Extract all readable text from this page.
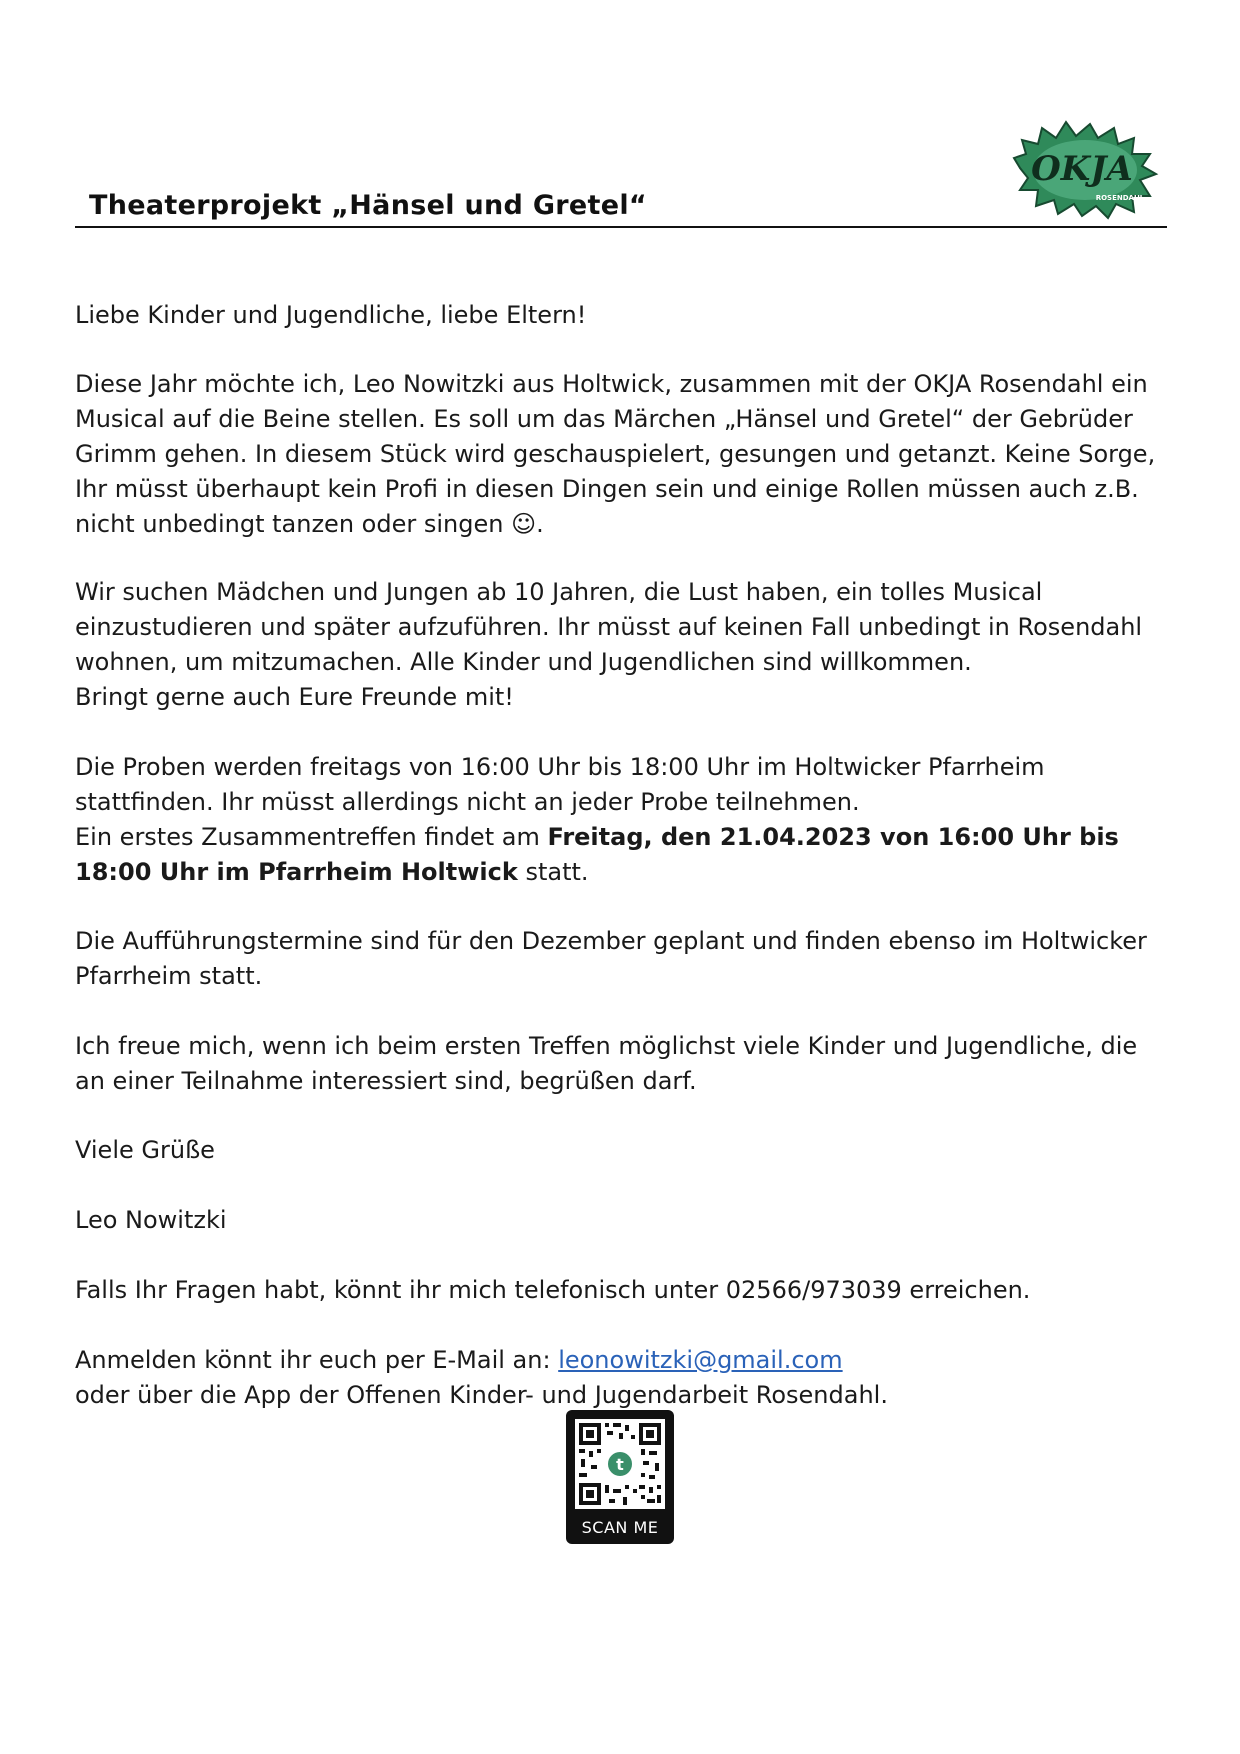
OKJA
ROSENDAHL
Theaterprojekt „Hänsel und Gretel“

Liebe Kinder und Jugendliche, liebe Eltern!

Diese Jahr möchte ich, Leo Nowitzki aus Holtwick, zusammen mit der OKJA Rosendahl ein Musical auf die Beine stellen. Es soll um das Märchen „Hänsel und Gretel“ der Gebrüder Grimm gehen. In diesem Stück wird geschauspielert, gesungen und getanzt. Keine Sorge, Ihr müsst überhaupt kein Profi in diesen Dingen sein und einige Rollen müssen auch z.B. nicht unbedingt tanzen oder singen ☺.

Wir suchen Mädchen und Jungen ab 10 Jahren, die Lust haben, ein tolles Musical einzustudieren und später aufzuführen. Ihr müsst auf keinen Fall unbedingt in Rosendahl wohnen, um mitzumachen. Alle Kinder und Jugendlichen sind willkommen.

Bringt gerne auch Eure Freunde mit!

Die Proben werden freitags von 16:00 Uhr bis 18:00 Uhr im Holtwicker Pfarrheim stattfinden. Ihr müsst allerdings nicht an jeder Probe teilnehmen.

Ein erstes Zusammentreffen findet am Freitag, den 21.04.2023 von 16:00 Uhr bis 18:00 Uhr im Pfarrheim Holtwick statt.

Die Aufführungstermine sind für den Dezember geplant und finden ebenso im Holtwicker Pfarrheim statt.

Ich freue mich, wenn ich beim ersten Treffen möglichst viele Kinder und Jugendliche, die an einer Teilnahme interessiert sind, begrüßen darf.

Viele Grüße

Leo Nowitzki

Falls Ihr Fragen habt, könnt ihr mich telefonisch unter 02566/973039 erreichen.

Anmelden könnt ihr euch per E-Mail an: leonowitzki@gmail.com

oder über die App der Offenen Kinder- und Jugendarbeit Rosendahl.

t
SCAN ME
